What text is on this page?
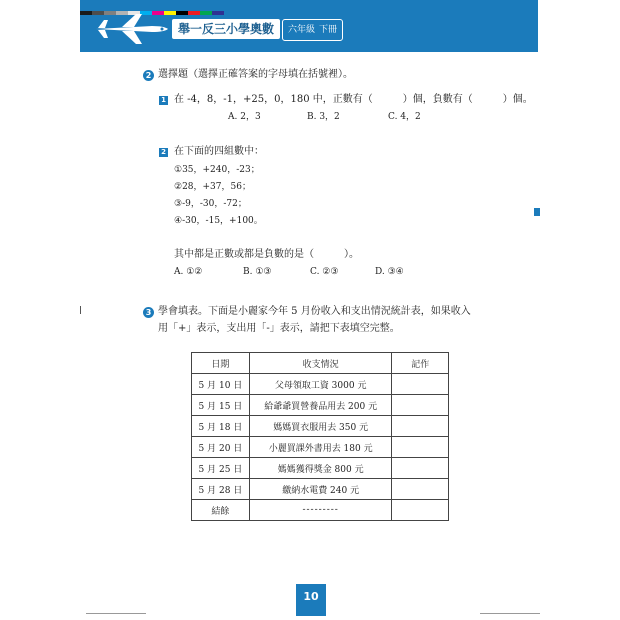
舉一反三小學奧數	六年級 下冊
2 選擇題（選擇正確答案的字母填在括號裡）。
1 在 -4，8，-1，+25，0，180 中，正數有（　　　）個，負數有（　　　）個。
A. 2，3	B. 3，2	C. 4，2
2 在下面的四組數中：
①35，+240，-23；
②28，+37，56；
③-9，-30，-72；
④-30，-15，+100。
其中都是正數或都是負數的是（　　　）。
A. ①②	B. ①③	C. ②③	D. ③④
3 學會填表。下面是小麗家今年 5 月份收入和支出情況統計表，如果收入
用「+」表示，支出用「-」表示，請把下表填空完整。
日期	收支情況	記作
5 月 10 日	父母領取工資 3000 元	
5 月 15 日	給爺爺買營養品用去 200 元	
5 月 18 日	媽媽買衣服用去 350 元	
5 月 20 日	小麗買課外書用去 180 元	
5 月 25 日	媽媽獲得獎金 800 元	
5 月 28 日	繳納水電費 240 元	
結餘	---------	
10
